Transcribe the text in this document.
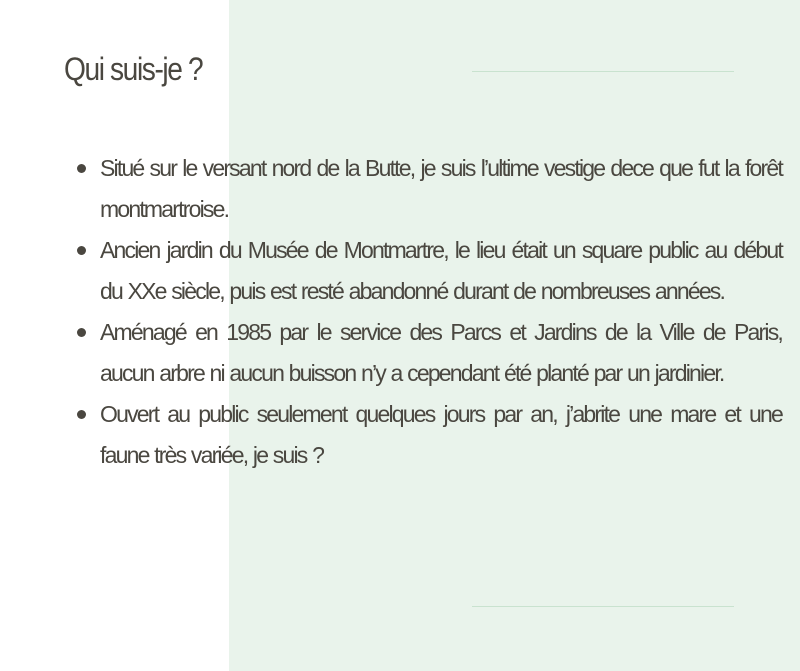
Qui suis-je ?
Situé sur le versant nord de la Butte, je suis l’ultime vestige dece que fut la forêt montmartroise.
Ancien jardin du Musée de Montmartre, le lieu était un square public au début du XXe siècle, puis est resté abandonné durant de nombreuses années.
Aménagé en 1985 par le service des Parcs et Jardins de la Ville de Paris, aucun arbre ni aucun buisson n’y a cependant été planté par un jardinier.
Ouvert au public seulement quelques jours par an, j’abrite une mare et une faune très variée, je suis ?
